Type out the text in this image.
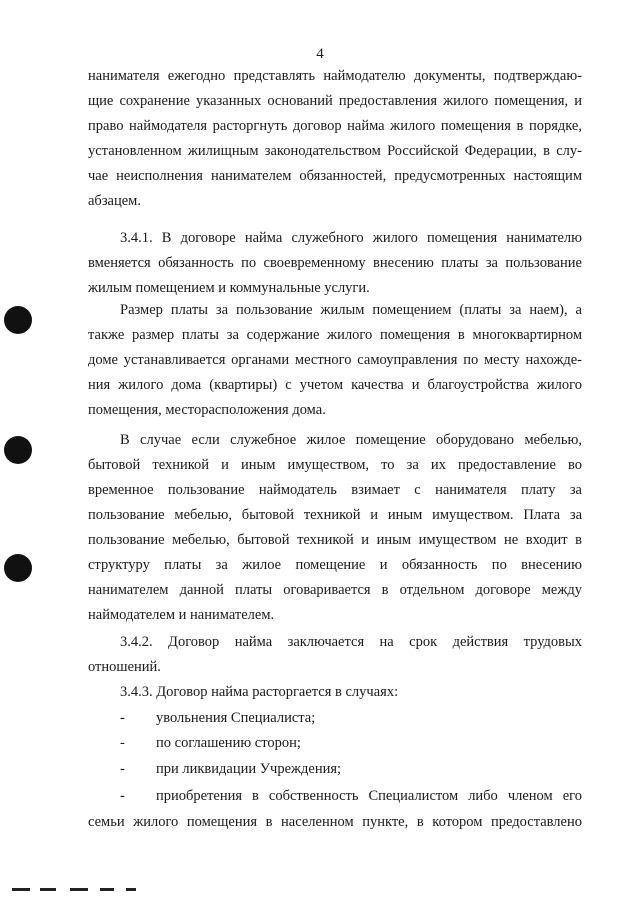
4
нанимателя ежегодно представлять наймодателю документы, подтверждаю-
щие сохранение указанных оснований предоставления жилого помещения, и
право наймодателя расторгнуть договор найма жилого помещения в порядке,
установленном жилищным законодательством Российской Федерации, в слу-
чае неисполнения нанимателем обязанностей, предусмотренных настоящим
абзацем.
3.4.1. В договоре найма служебного жилого помещения нанимателю
вменяется обязанность по своевременному внесению платы за пользование
жилым помещением и коммунальные услуги.
Размер платы за пользование жилым помещением (платы за наем), а
также размер платы за содержание жилого помещения в многоквартирном
доме устанавливается органами местного самоуправления по месту нахожде-
ния жилого дома (квартиры) с учетом качества и благоустройства жилого
помещения, месторасположения дома.
В случае если служебное жилое помещение оборудовано мебелью,
бытовой техникой и иным имуществом, то за их предоставление во
временное пользование наймодатель взимает с нанимателя плату за
пользование мебелью, бытовой техникой и иным имуществом. Плата за
пользование мебелью, бытовой техникой и иным имуществом не входит в
структуру платы за жилое помещение и обязанность по внесению
нанимателем данной платы оговаривается в отдельном договоре между
наймодателем и нанимателем.
3.4.2. Договор найма заключается на срок действия трудовых
отношений.
3.4.3. Договор найма расторгается в случаях:
- увольнения Специалиста;
- по соглашению сторон;
- при ликвидации Учреждения;
- приобретения в собственность Специалистом либо членом его
семьи жилого помещения в населенном пункте, в котором предоставлено
